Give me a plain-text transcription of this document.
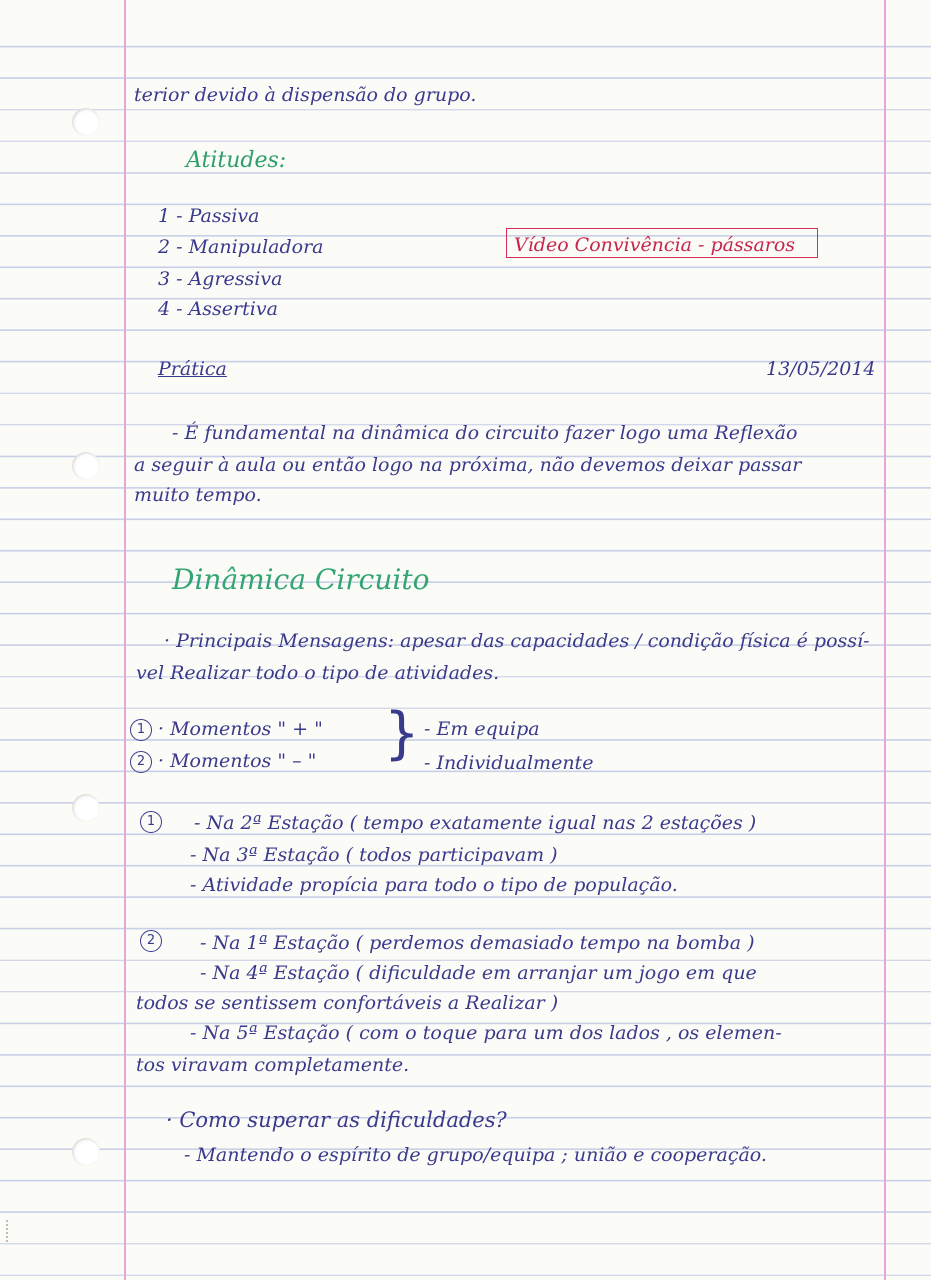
terior devido à dispensão do grupo.
Atitudes:
1 - Passiva
2 - Manipuladora
3 - Agressiva
4 - Assertiva
Vídeo Convivência - pássaros
Prática	13/05/2014
- É fundamental na dinâmica do circuito fazer logo uma Reflexão
a seguir à aula ou então logo na próxima, não devemos deixar passar
muito tempo.
Dinâmica Circuito
· Principais Mensagens: apesar das capacidades / condição física é possí-
vel Realizar todo o tipo de atividades.
1 · Momentos " + "
2 · Momentos " – " } - Em equipa
- Individualmente
1	- Na 2ª Estação ( tempo exatamente igual nas 2 estações )
- Na 3ª Estação ( todos participavam )
- Atividade propícia para todo o tipo de população.
2	- Na 1ª Estação ( perdemos demasiado tempo na bomba )
- Na 4ª Estação ( dificuldade em arranjar um jogo em que
todos se sentissem confortáveis a Realizar )
- Na 5ª Estação ( com o toque para um dos lados , os elemen-
tos viravam completamente.
· Como superar as dificuldades?
- Mantendo o espírito de grupo/equipa ; união e cooperação.
